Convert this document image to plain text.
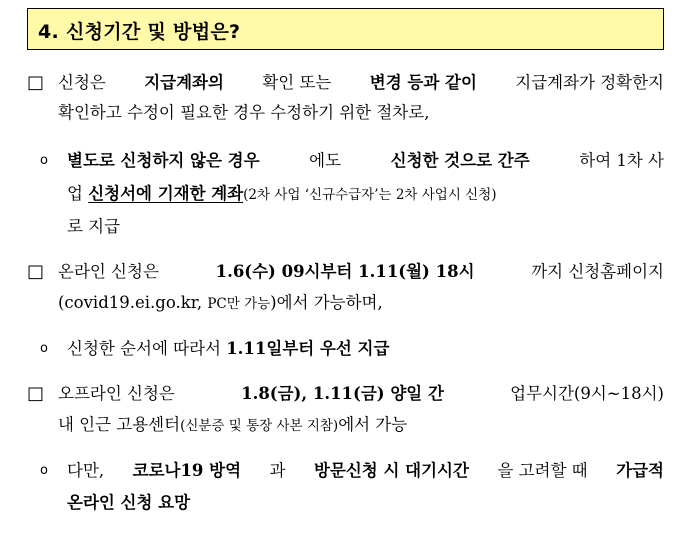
4. 신청기간 및 방법은?
□ 신청은 지급계좌의 확인 또는 변경 등과 같이 지급계좌가 정확한지
확인하고 수정이 필요한 경우 수정하기 위한 절차로,
ο 별도로 신청하지 않은 경우	에도	신청한 것으로 간주	하여 1차 사
업 신청서에 기재한 계좌(2차 사업 ‘신규수급자’는 2차 사업시 신청)
로 지급
□ 온라인 신청은	1.6(수) 09시부터 1.11(월) 18시	까지 신청홈페이지
(covid19.ei.go.kr, PC만 가능)에서 가능하며,
ο 신청한 순서에 따라서 1.11일부터 우선 지급
□ 오프라인 신청은	1.8(금), 1.11(금) 양일 간	업무시간(9시~18시)
내 인근 고용센터(신분증 및 통장 사본 지참)에서 가능
ο 다만, 코로나19 방역 과 방문신청 시 대기시간 을 고려할 때 가급적
온라인 신청 요망
